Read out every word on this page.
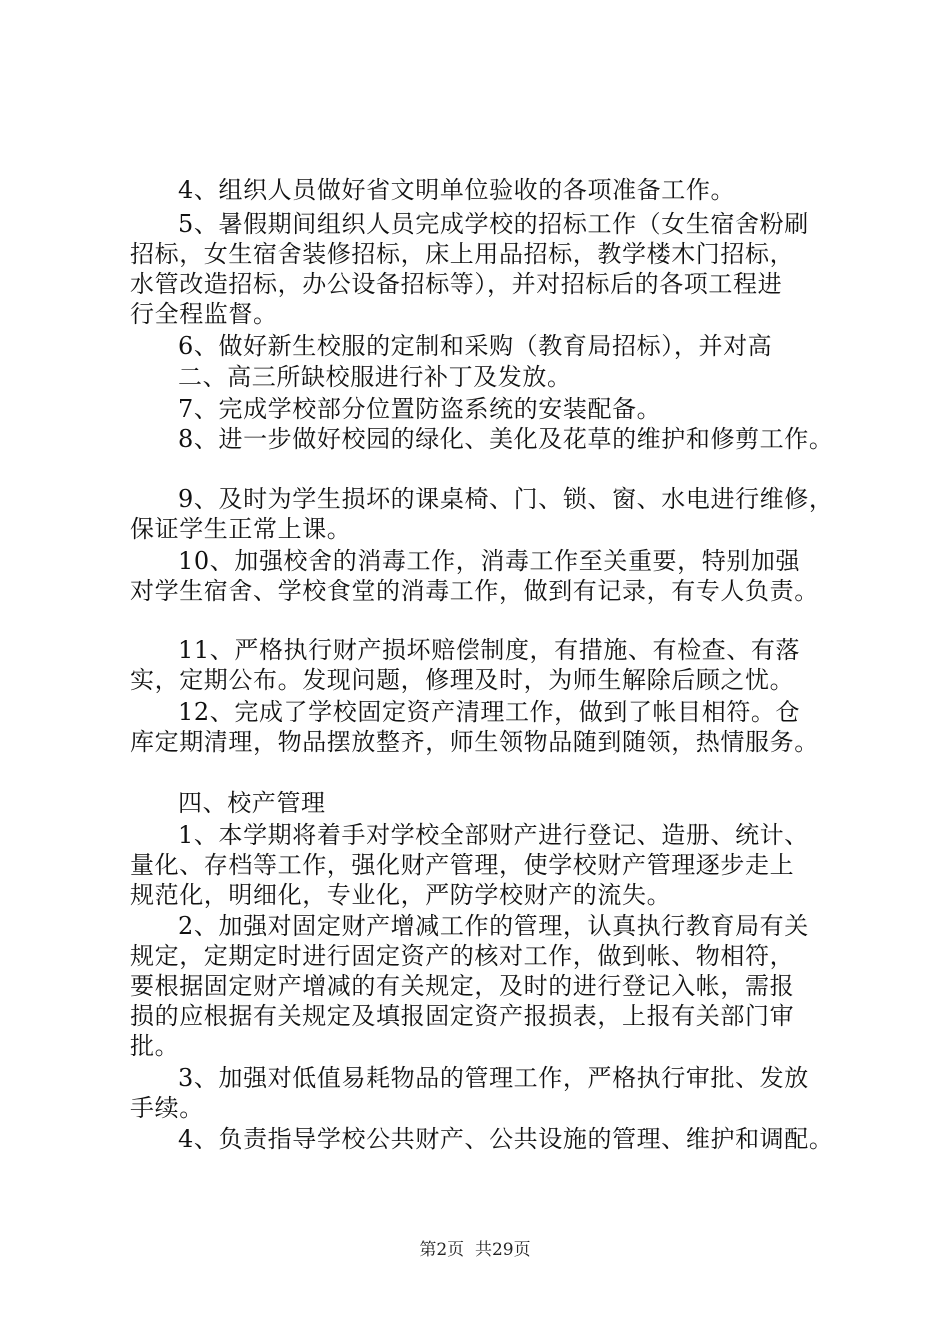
4、组织人员做好省文明单位验收的各项准备工作。
5、暑假期间组织人员完成学校的招标工作（女生宿舍粉刷
招标，女生宿舍装修招标，床上用品招标，教学楼木门招标，
水管改造招标，办公设备招标等），并对招标后的各项工程进
行全程监督。
6、做好新生校服的定制和采购（教育局招标），并对高
二、高三所缺校服进行补丁及发放。
7、完成学校部分位置防盗系统的安装配备。
8、进一步做好校园的绿化、美化及花草的维护和修剪工作。
9、及时为学生损坏的课桌椅、门、锁、窗、水电进行维修，
保证学生正常上课。
10、加强校舍的消毒工作，消毒工作至关重要，特别加强
对学生宿舍、学校食堂的消毒工作，做到有记录，有专人负责。
11、严格执行财产损坏赔偿制度，有措施、有检查、有落
实，定期公布。发现问题，修理及时，为师生解除后顾之忧。
12、完成了学校固定资产清理工作，做到了帐目相符。仓
库定期清理，物品摆放整齐，师生领物品随到随领，热情服务。
四、校产管理
1、本学期将着手对学校全部财产进行登记、造册、统计、
量化、存档等工作，强化财产管理，使学校财产管理逐步走上
规范化，明细化，专业化，严防学校财产的流失。
2、加强对固定财产增减工作的管理，认真执行教育局有关
规定，定期定时进行固定资产的核对工作，做到帐、物相符，
要根据固定财产增减的有关规定，及时的进行登记入帐，需报
损的应根据有关规定及填报固定资产报损表，上报有关部门审
批。
3、加强对低值易耗物品的管理工作，严格执行审批、发放
手续。
4、负责指导学校公共财产、公共设施的管理、维护和调配。
第2页  共29页
